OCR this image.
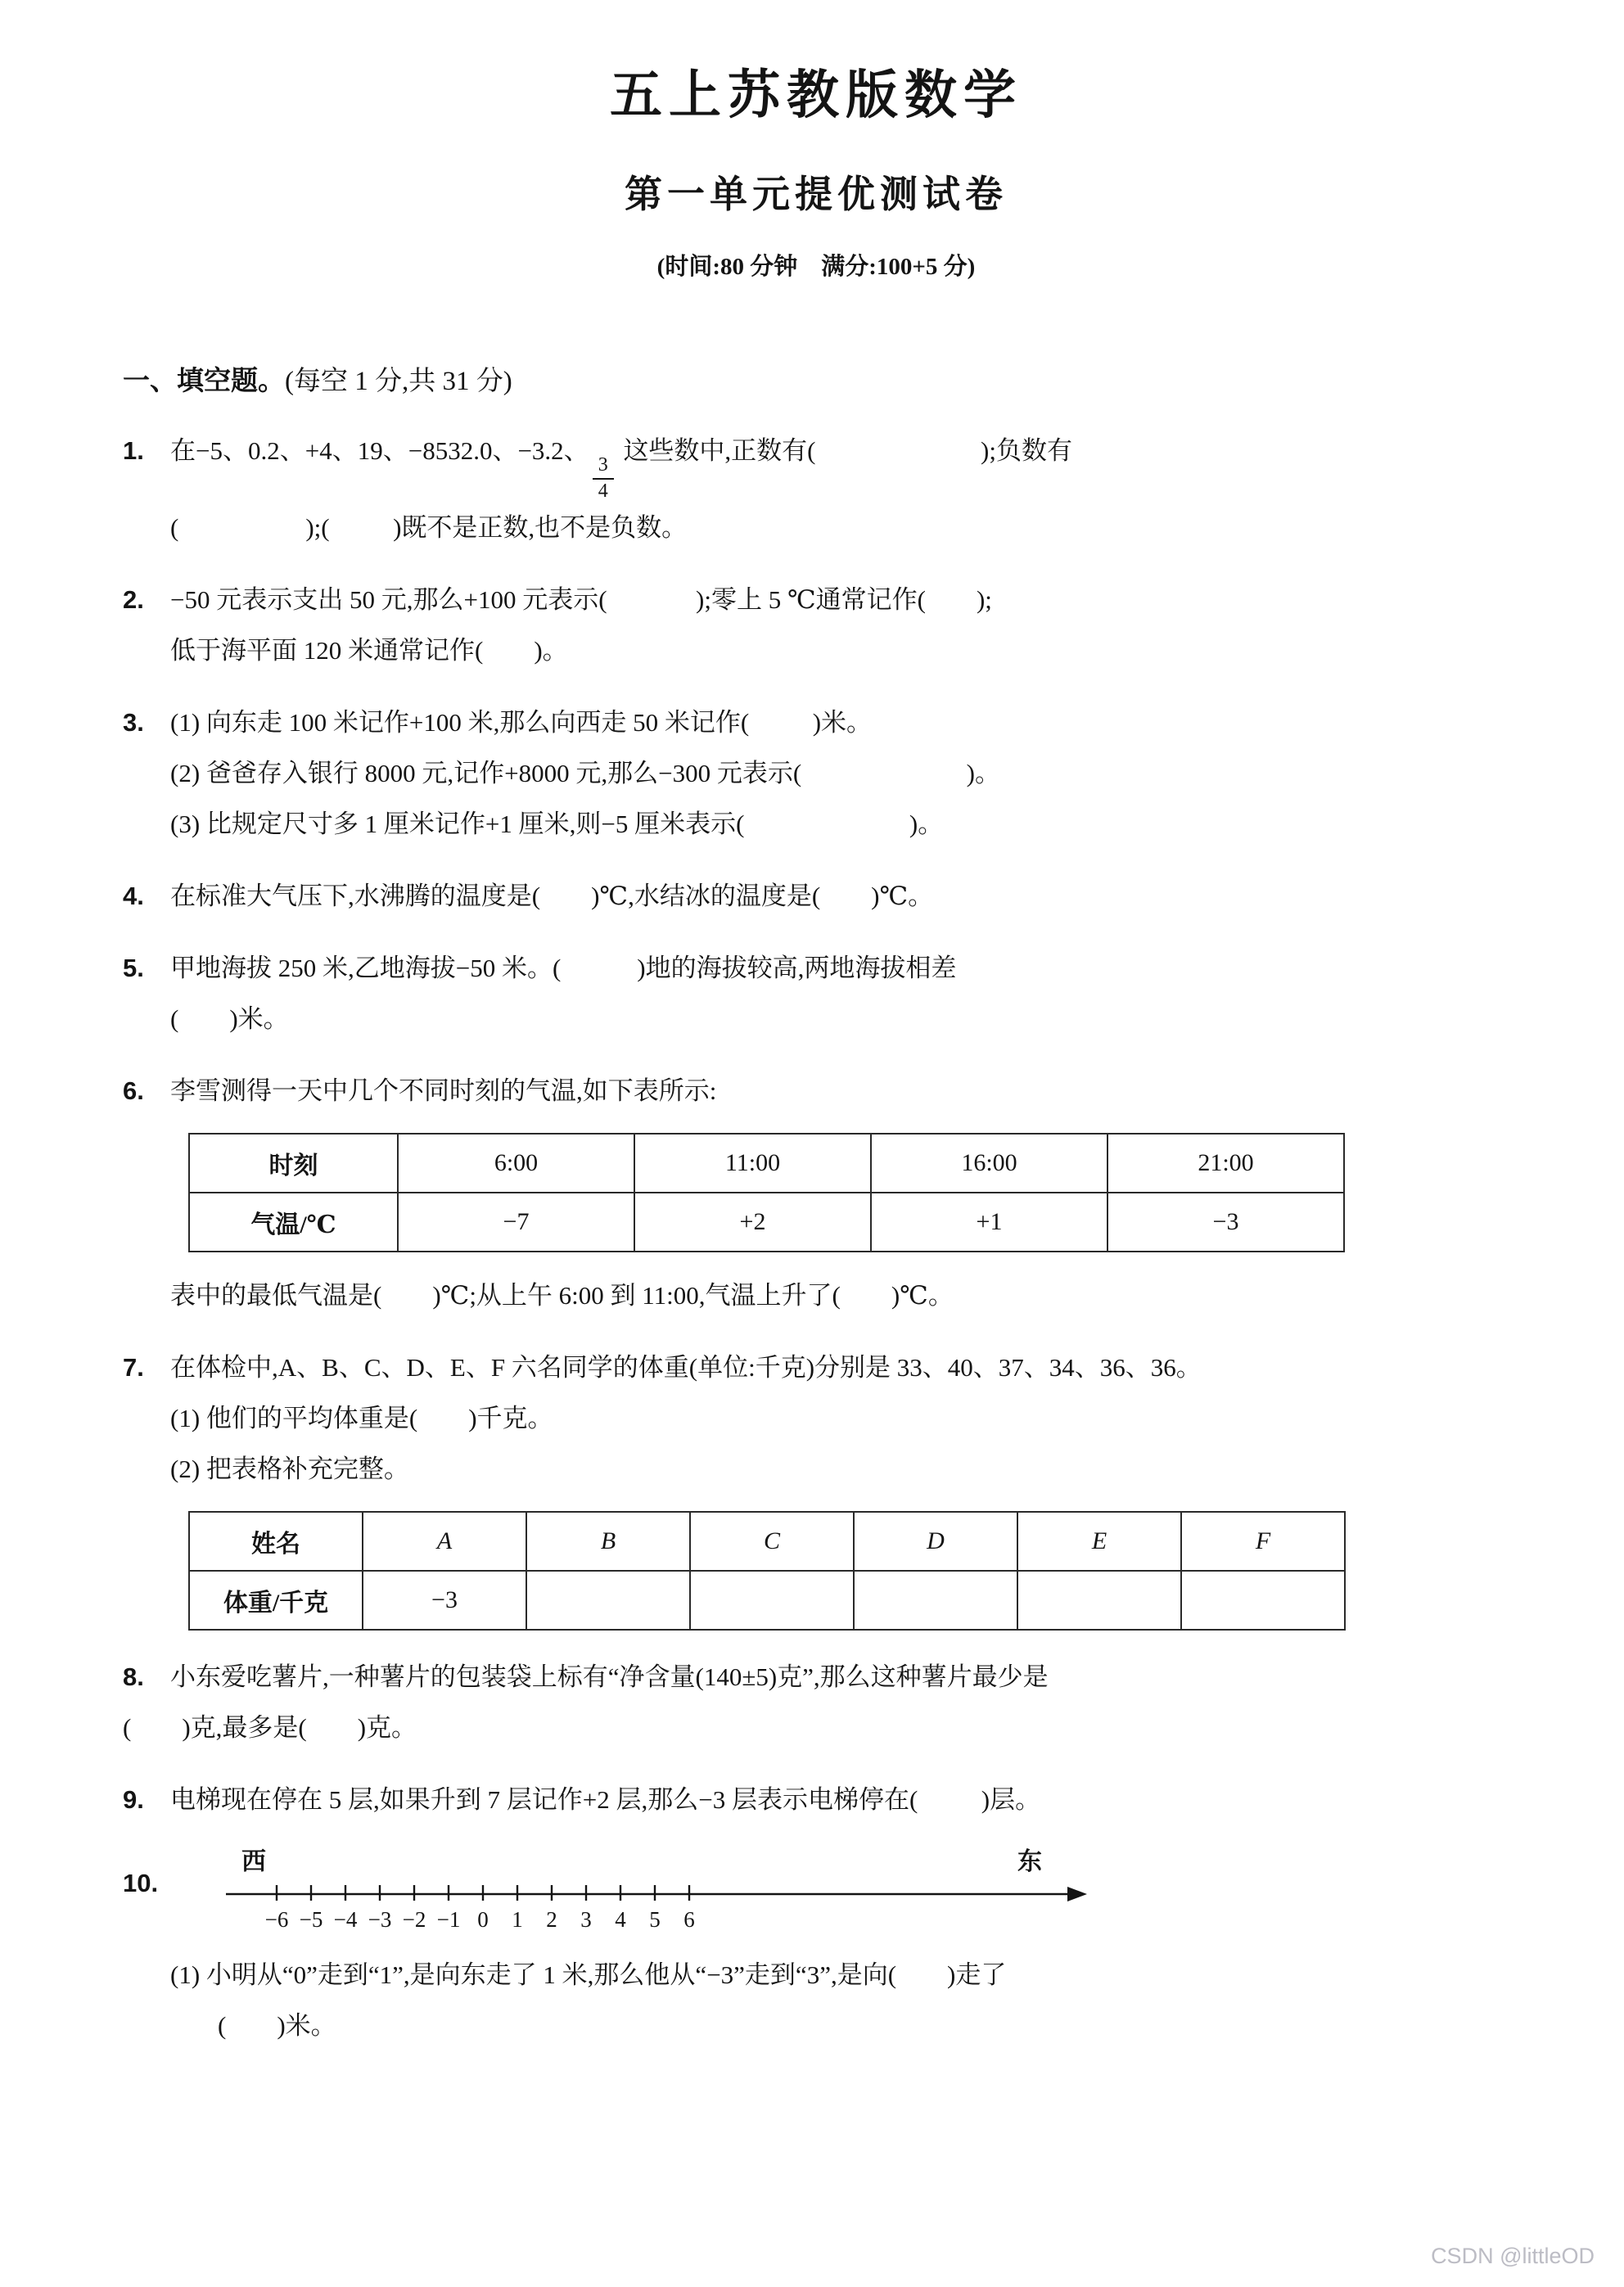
五上苏教版数学
第一单元提优测试卷
(时间:80 分钟　满分:100+5 分)
一、填空题。(每空 1 分,共 31 分)
1.	在−5、0.2、+4、19、−8532.0、−3.2、
$\frac{3}{4}$
这些数中,正数有(                          );负数有
(                    );(          )既不是正数,也不是负数。
2.	−50 元表示支出 50 元,那么+100 元表示(              );零上 5 ℃通常记作(        );
低于海平面 120 米通常记作(        )。
3.	(1) 向东走 100 米记作+100 米,那么向西走 50 米记作(          )米。
(2) 爸爸存入银行 8000 元,记作+8000 元,那么−300 元表示(                          )。
(3) 比规定尺寸多 1 厘米记作+1 厘米,则−5 厘米表示(                          )。
4.	在标准大气压下,水沸腾的温度是(        )℃,水结冰的温度是(        )℃。
5.	甲地海拔 250 米,乙地海拔−50 米。(            )地的海拔较高,两地海拔相差
(        )米。
6.	李雪测得一天中几个不同时刻的气温,如下表所示:
时刻	6:00	11:00	16:00	21:00
气温/℃	−7	+2	+1	−3
表中的最低气温是(        )℃;从上午 6:00 到 11:00,气温上升了(        )℃。
7.	在体检中,A、B、C、D、E、F 六名同学的体重(单位:千克)分别是 33、40、37、34、36、36。
(1) 他们的平均体重是(        )千克。
(2) 把表格补充完整。
姓名	A	B	C	D	E	F
体重/千克	−3					
8.	小东爱吃薯片,一种薯片的包装袋上标有“净含量(140±5)克”,那么这种薯片最少是
(        )克,最多是(        )克。
9.	电梯现在停在 5 层,如果升到 7 层记作+2 层,那么−3 层表示电梯停在(          )层。
10.
西	东
−6 −5 −4 −3 −2 −1 0 1 2 3 4 5 6
(1) 小明从“0”走到“1”,是向东走了 1 米,那么他从“−3”走到“3”,是向(        )走了
(        )米。
CSDN @littleOD
